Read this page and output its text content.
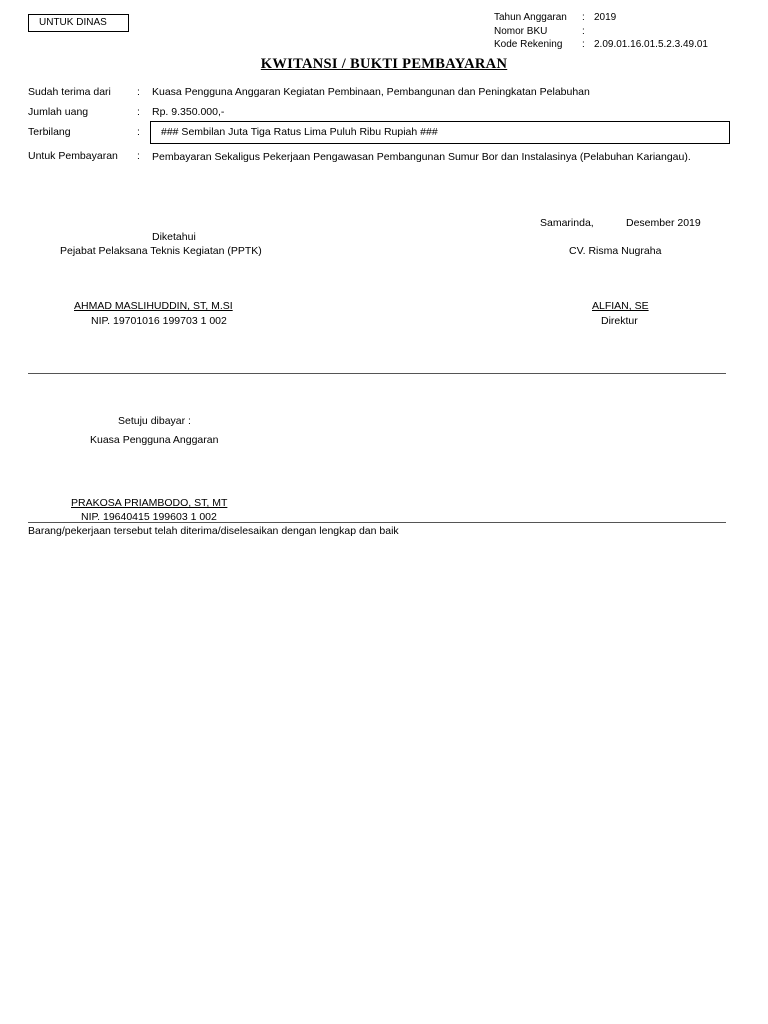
UNTUK DINAS	Tahun Anggaran : 2019
Nomor BKU	:
Kode Rekening : 2.09.01.16.01.5.2.3.49.01
KWITANSI / BUKTI PEMBAYARAN
Sudah terima dari : Kuasa Pengguna Anggaran Kegiatan Pembinaan, Pembangunan dan Peningkatan Pelabuhan
Jumlah uang	: Rp. 9.350.000,-
Terbilang	:	### Sembilan Juta Tiga Ratus Lima Puluh Ribu Rupiah ###
Untuk Pembayaran : Pembayaran Sekaligus Pekerjaan Pengawasan Pembangunan Sumur Bor dan Instalasinya (Pelabuhan Kariangau).
Samarinda,	Desember 2019
Diketahui
Pejabat Pelaksana Teknis Kegiatan (PPTK)
AHMAD MASLIHUDDIN, ST, M.SI
NIP. 19701016 199703 1 002
CV. Risma Nugraha
ALFIAN, SE
Direktur
Setuju dibayar :
Kuasa Pengguna Anggaran
PRAKOSA PRIAMBODO, ST, MT
NIP. 19640415 199603 1 002
Barang/pekerjaan tersebut telah diterima/diselesaikan dengan lengkap dan baik
